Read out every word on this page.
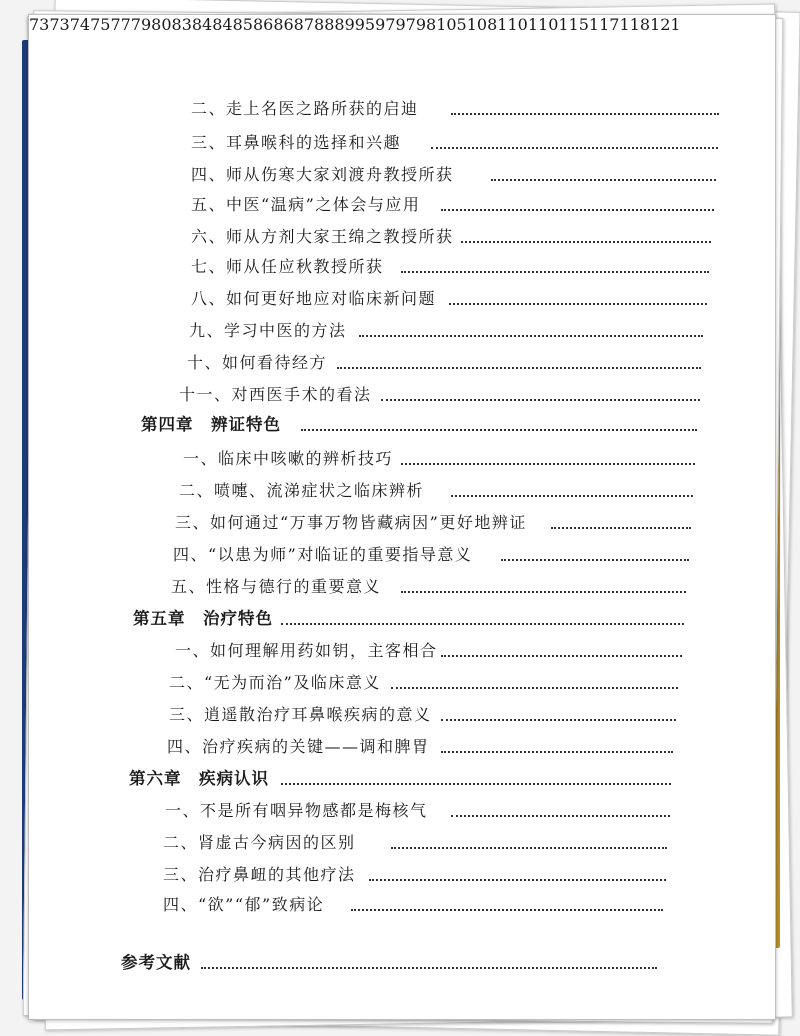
二、走上名医之路所获的启迪
73
三、耳鼻喉科的选择和兴趣
73
四、师从伤寒大家刘渡舟教授所获
74
五、中医“温病”之体会与应用
75
六、师从方剂大家王绵之教授所获
77
七、师从任应秋教授所获
79
八、如何更好地应对临床新问题
80
九、学习中医的方法
83
十、如何看待经方
84
十一、对西医手术的看法
84
第四章　辨证特色
85
一、临床中咳嗽的辨析技巧
86
二、喷嚏、流涕症状之临床辨析
86
三、如何通过“万事万物皆藏病因”更好地辨证
87
四、“以患为师”对临证的重要指导意义
88
五、性格与德行的重要意义
89
第五章　治疗特色
95
一、如何理解用药如钥，主客相合
97
二、“无为而治”及临床意义
97
三、逍遥散治疗耳鼻喉疾病的意义
98
四、治疗疾病的关键——调和脾胃
105
第六章　疾病认识
108
一、不是所有咽异物感都是梅核气
110
二、肾虚古今病因的区别
110
三、治疗鼻衄的其他疗法
115
四、“欲”“郁”致病论
117
118
参考文献
121
